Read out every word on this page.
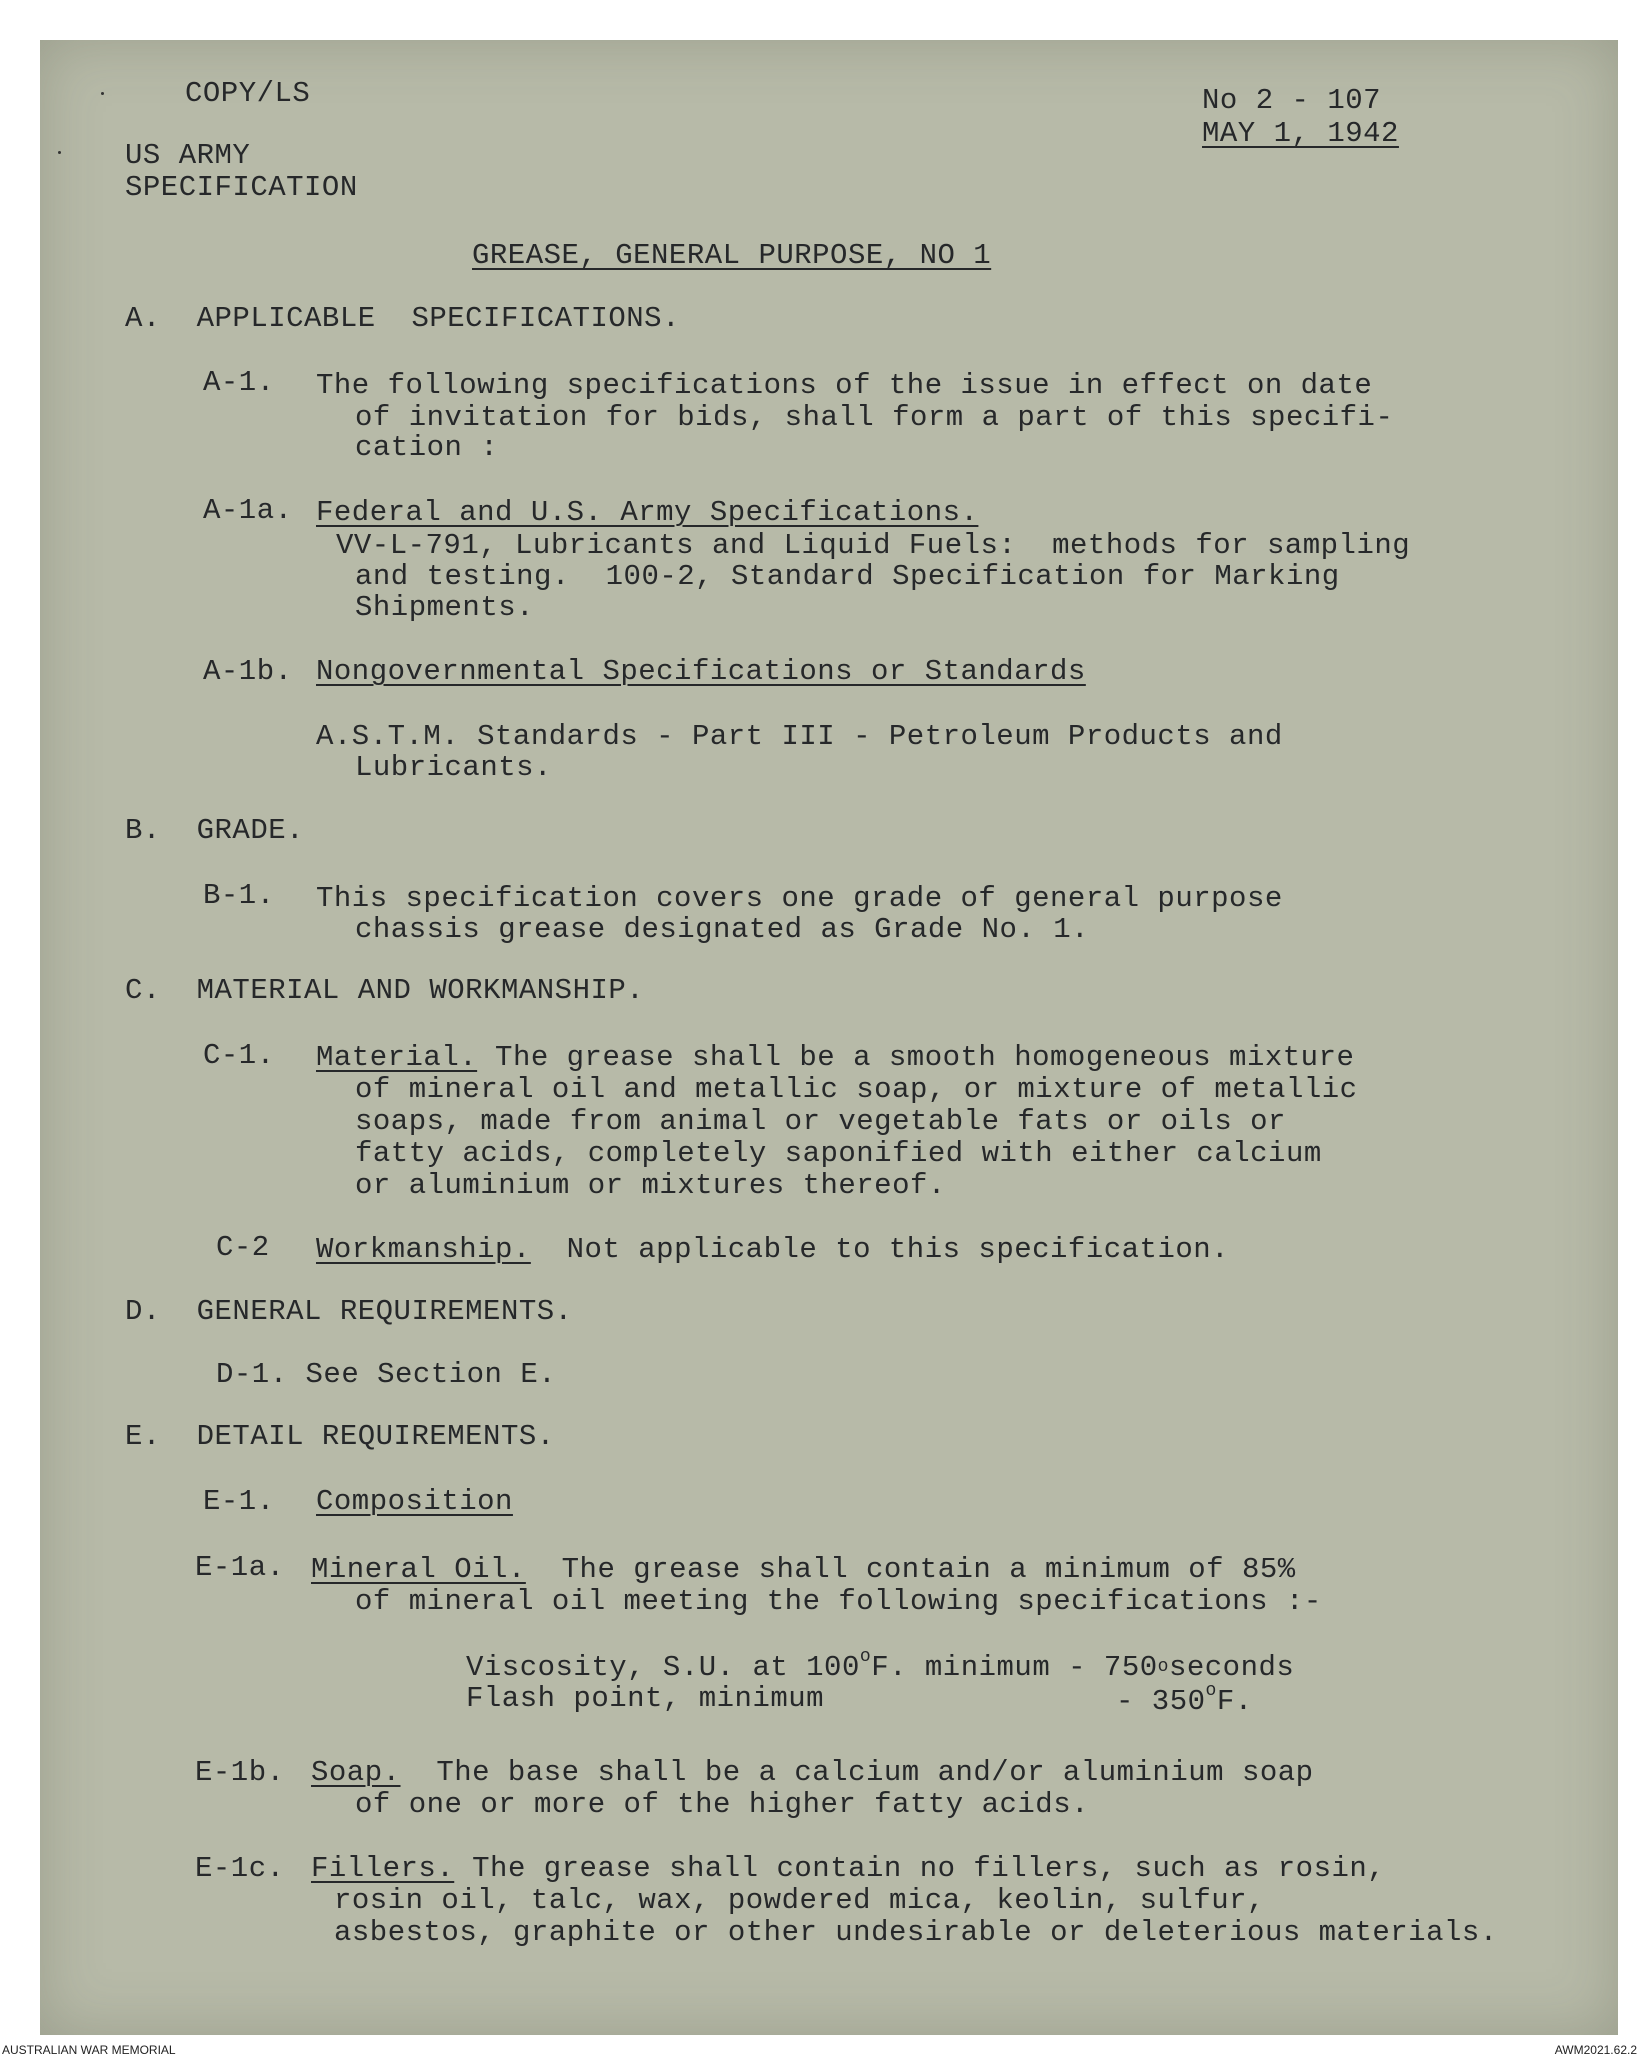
COPY/LS
US ARMY
SPECIFICATION
No 2 - 107
MAY 1, 1942
GREASE, GENERAL PURPOSE, NO 1
A.  APPLICABLE  SPECIFICATIONS.
A-1. The following specifications of the issue in effect on date
of invitation for bids, shall form a part of this specifi-
cation :
A-1a. Federal and U.S. Army Specifications.
VV-L-791, Lubricants and Liquid Fuels:  methods for sampling
and testing.  100-2, Standard Specification for Marking
Shipments.
A-1b. Nongovernmental Specifications or Standards
A.S.T.M. Standards - Part III - Petroleum Products and
Lubricants.
B.  GRADE.
B-1. This specification covers one grade of general purpose
chassis grease designated as Grade No. 1.
C.  MATERIAL AND WORKMANSHIP.
C-1. Material. The grease shall be a smooth homogeneous mixture
of mineral oil and metallic soap, or mixture of metallic
soaps, made from animal or vegetable fats or oils or
fatty acids, completely saponified with either calcium
or aluminium or mixtures thereof.
C-2 Workmanship.  Not applicable to this specification.
D.  GENERAL REQUIREMENTS.
D-1. See Section E.
E.  DETAIL REQUIREMENTS.
E-1. Composition
E-1a. Mineral Oil.  The grease shall contain a minimum of 85%
of mineral oil meeting the following specifications :-
Viscosity, S.U. at 100$^o$F. minimum - 750oseconds
Flash point, minimum	- 350$^o$F.
E-1b. Soap.  The base shall be a calcium and/or aluminium soap
of one or more of the higher fatty acids.
E-1c. Fillers. The grease shall contain no fillers, such as rosin,
rosin oil, talc, wax, powdered mica, keolin, sulfur,
asbestos, graphite or other undesirable or deleterious materials.
AUSTRALIAN WAR MEMORIAL	AWM2021.62.2
